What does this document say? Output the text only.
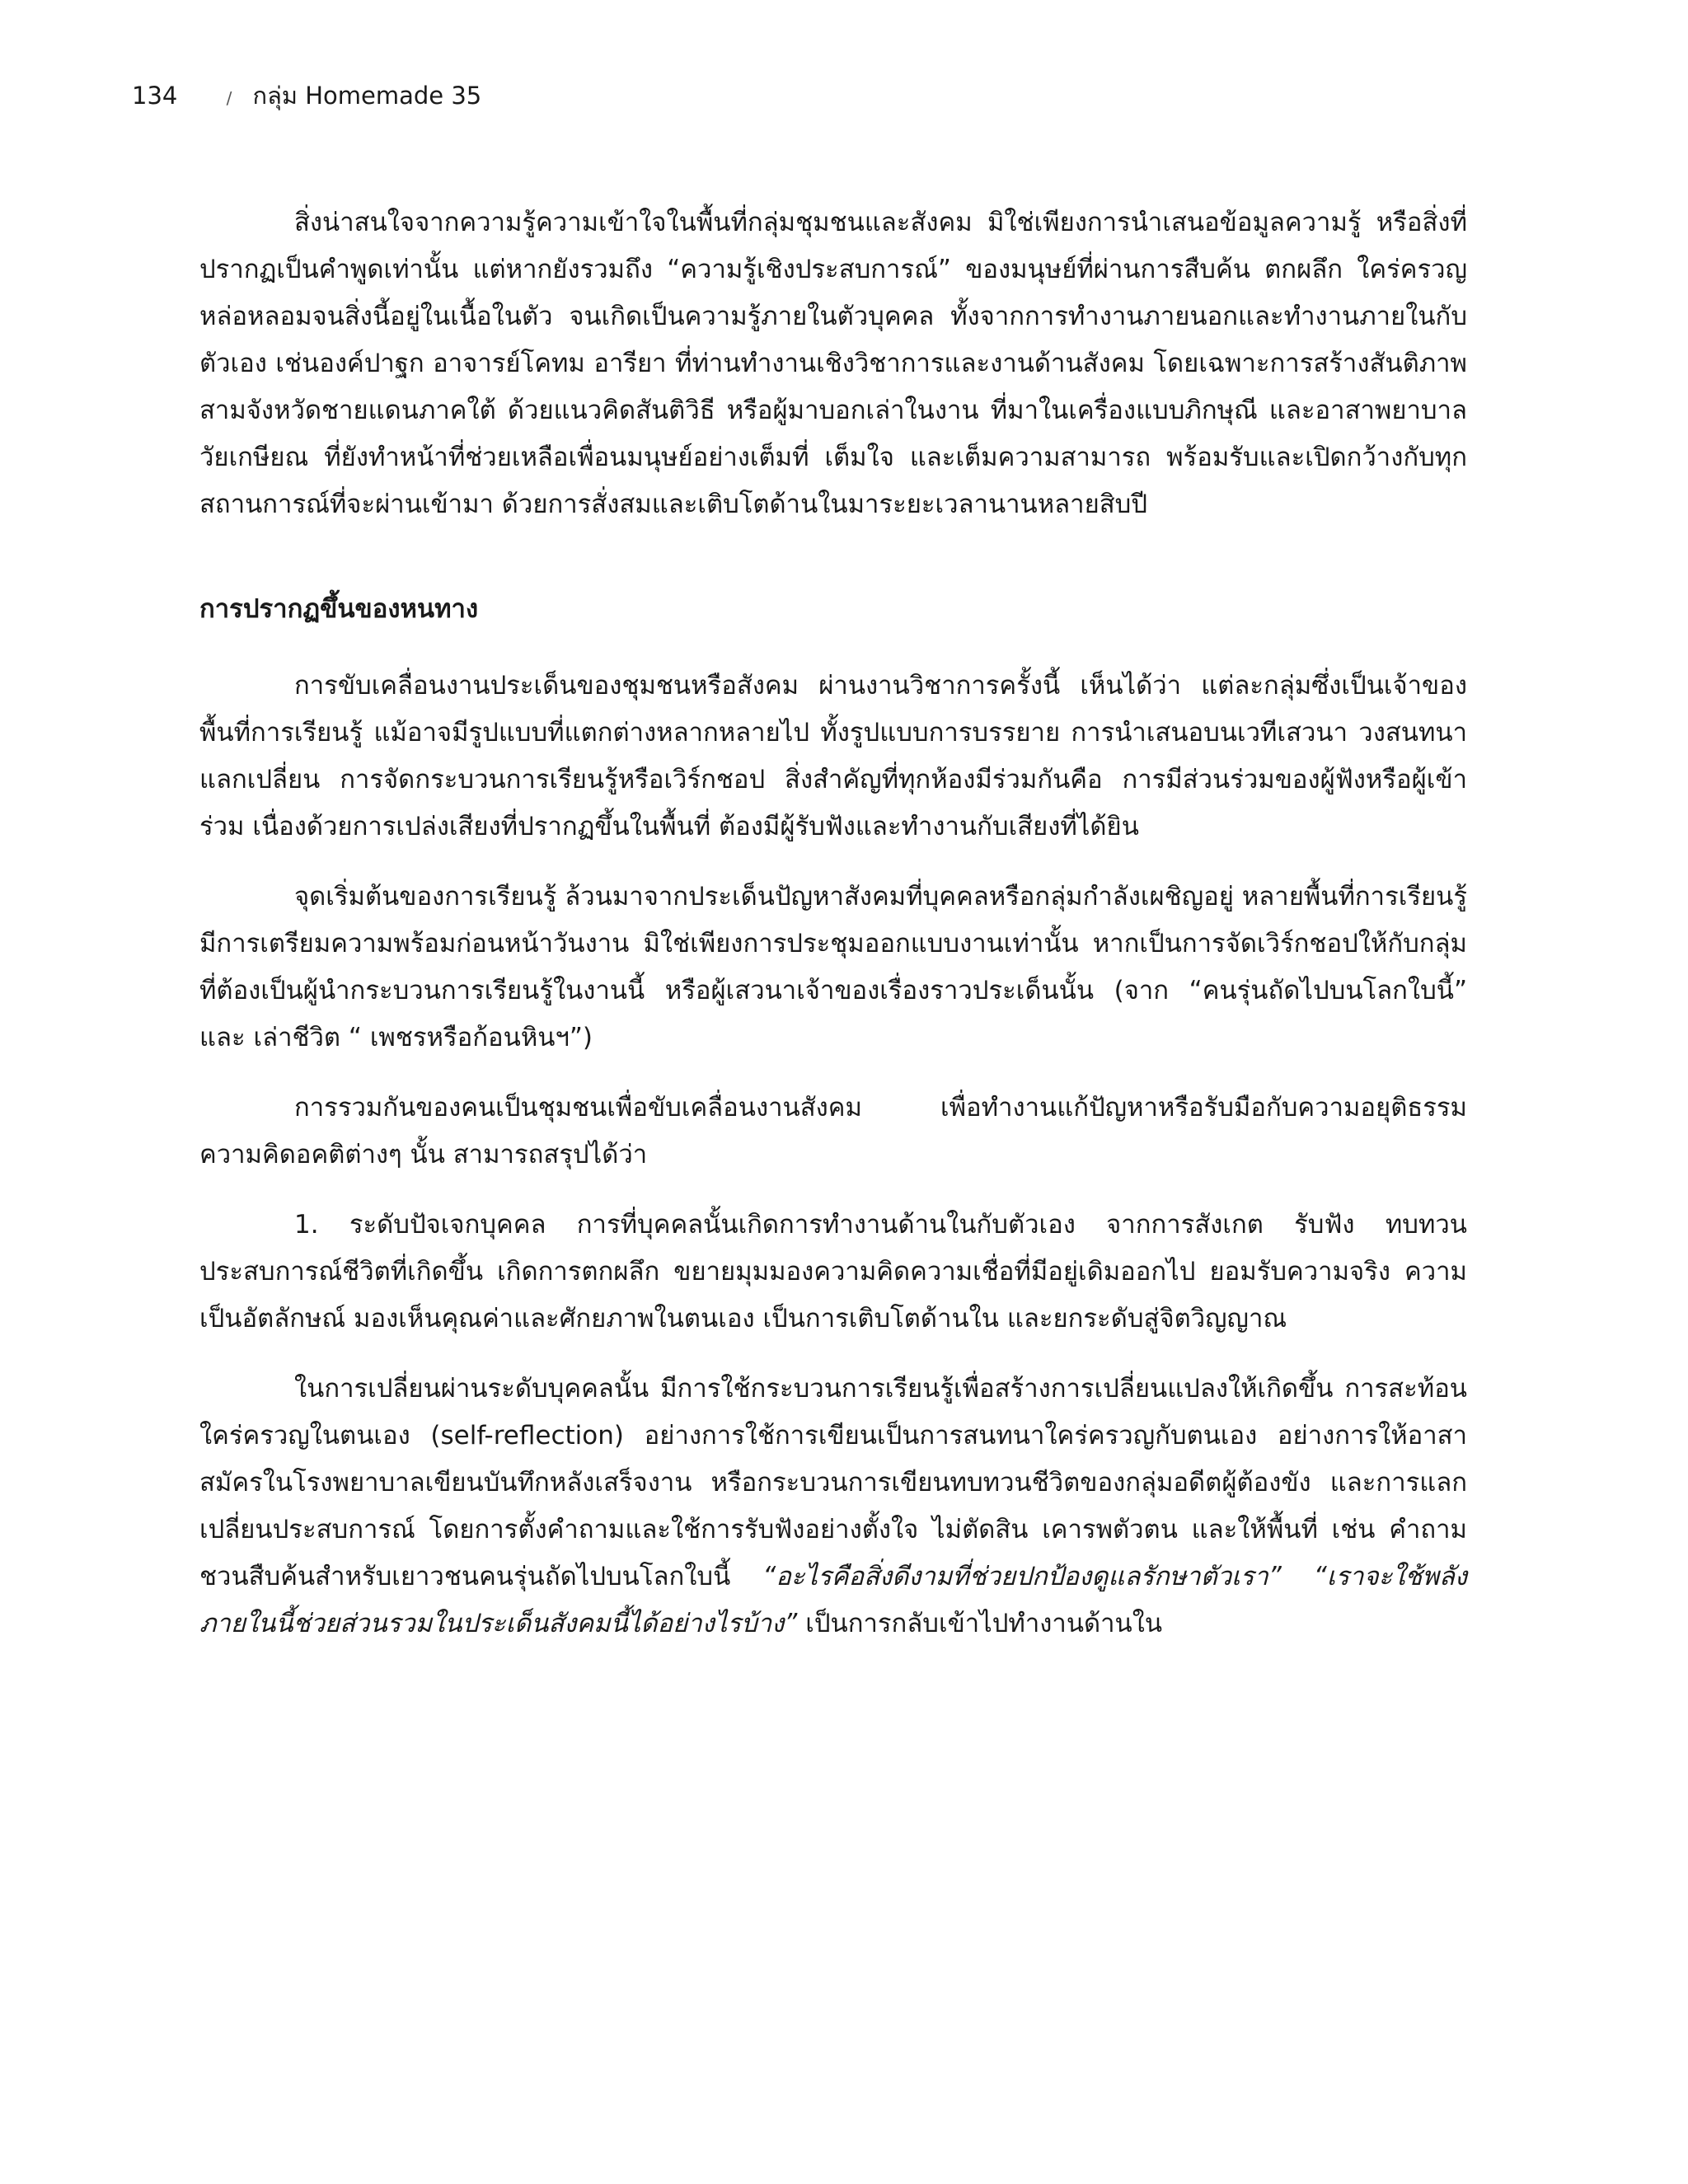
134	/ กลุ่ม Homemade 35

สิ่งน่าสนใจจากความรู้ความเข้าใจในพื้นที่กลุ่มชุมชนและสังคม มิใช่เพียงการนำเสนอข้อมูลความรู้ หรือสิ่งที่ปรากฏเป็นคำพูดเท่านั้น แต่หากยังรวมถึง “ความรู้เชิงประสบการณ์” ของมนุษย์ที่ผ่านการสืบค้น ตกผลึก ใคร่ครวญ หล่อหลอมจนสิ่งนี้อยู่ในเนื้อในตัว จนเกิดเป็นความรู้ภายในตัวบุคคล ทั้งจากการทำงานภายนอกและทำงานภายในกับตัวเอง เช่นองค์ปาฐก อาจารย์โคทม อารียา ที่ท่านทำงานเชิงวิชาการและงานด้านสังคม โดยเฉพาะการสร้างสันติภาพสามจังหวัดชายแดนภาคใต้ ด้วยแนวคิดสันติวิธี หรือผู้มาบอกเล่าในงาน ที่มาในเครื่องแบบภิกษุณี และอาสาพยาบาลวัยเกษียณ ที่ยังทำหน้าที่ช่วยเหลือเพื่อนมนุษย์อย่างเต็มที่ เต็มใจ และเต็มความสามารถ พร้อมรับและเปิดกว้างกับทุกสถานการณ์ที่จะผ่านเข้ามา ด้วยการสั่งสมและเติบโตด้านในมาระยะเวลานานหลายสิบปี

การปรากฏขึ้นของหนทาง

การขับเคลื่อนงานประเด็นของชุมชนหรือสังคม ผ่านงานวิชาการครั้งนี้ เห็นได้ว่า แต่ละกลุ่มซึ่งเป็นเจ้าของพื้นที่การเรียนรู้ แม้อาจมีรูปแบบที่แตกต่างหลากหลายไป ทั้งรูปแบบการบรรยาย การนำเสนอบนเวทีเสวนา วงสนทนาแลกเปลี่ยน การจัดกระบวนการเรียนรู้หรือเวิร์กชอป สิ่งสำคัญที่ทุกห้องมีร่วมกันคือ การมีส่วนร่วมของผู้ฟังหรือผู้เข้าร่วม เนื่องด้วยการเปล่งเสียงที่ปรากฏขึ้นในพื้นที่ ต้องมีผู้รับฟังและทำงานกับเสียงที่ได้ยิน

จุดเริ่มต้นของการเรียนรู้ ล้วนมาจากประเด็นปัญหาสังคมที่บุคคลหรือกลุ่มกำลังเผชิญอยู่ หลายพื้นที่การเรียนรู้มีการเตรียมความพร้อมก่อนหน้าวันงาน มิใช่เพียงการประชุมออกแบบงานเท่านั้น หากเป็นการจัดเวิร์กชอปให้กับกลุ่มที่ต้องเป็นผู้นำกระบวนการเรียนรู้ในงานนี้ หรือผู้เสวนาเจ้าของเรื่องราวประเด็นนั้น (จาก “คนรุ่นถัดไปบนโลกใบนี้” และ เล่าชีวิต “ เพชรหรือก้อนหินฯ”)

การรวมกันของคนเป็นชุมชนเพื่อขับเคลื่อนงานสังคม เพื่อทำงานแก้ปัญหาหรือรับมือกับความอยุติธรรม ความคิดอคติต่างๆ นั้น สามารถสรุปได้ว่า

1. ระดับปัจเจกบุคคล การที่บุคคลนั้นเกิดการทำงานด้านในกับตัวเอง จากการสังเกต รับฟัง ทบทวนประสบการณ์ชีวิตที่เกิดขึ้น เกิดการตกผลึก ขยายมุมมองความคิดความเชื่อที่มีอยู่เดิมออกไป ยอมรับความจริง ความเป็นอัตลักษณ์ มองเห็นคุณค่าและศักยภาพในตนเอง เป็นการเติบโตด้านใน และยกระดับสู่จิตวิญญาณ

ในการเปลี่ยนผ่านระดับบุคคลนั้น มีการใช้กระบวนการเรียนรู้เพื่อสร้างการเปลี่ยนแปลงให้เกิดขึ้น การสะท้อนใคร่ครวญในตนเอง (self-reflection) อย่างการใช้การเขียนเป็นการสนทนาใคร่ครวญกับตนเอง อย่างการให้อาสาสมัครในโรงพยาบาลเขียนบันทึกหลังเสร็จงาน หรือกระบวนการเขียนทบทวนชีวิตของกลุ่มอดีตผู้ต้องขัง และการแลกเปลี่ยนประสบการณ์ โดยการตั้งคำถามและใช้การรับฟังอย่างตั้งใจ ไม่ตัดสิน เคารพตัวตน และให้พื้นที่ เช่น คำถามชวนสืบค้นสำหรับเยาวชนคนรุ่นถัดไปบนโลกใบนี้ “อะไรคือสิ่งดีงามที่ช่วยปกป้องดูแลรักษาตัวเรา” “เราจะใช้พลังภายในนี้ช่วยส่วนรวมในประเด็นสังคมนี้ได้อย่างไรบ้าง” เป็นการกลับเข้าไปทำงานด้านใน
